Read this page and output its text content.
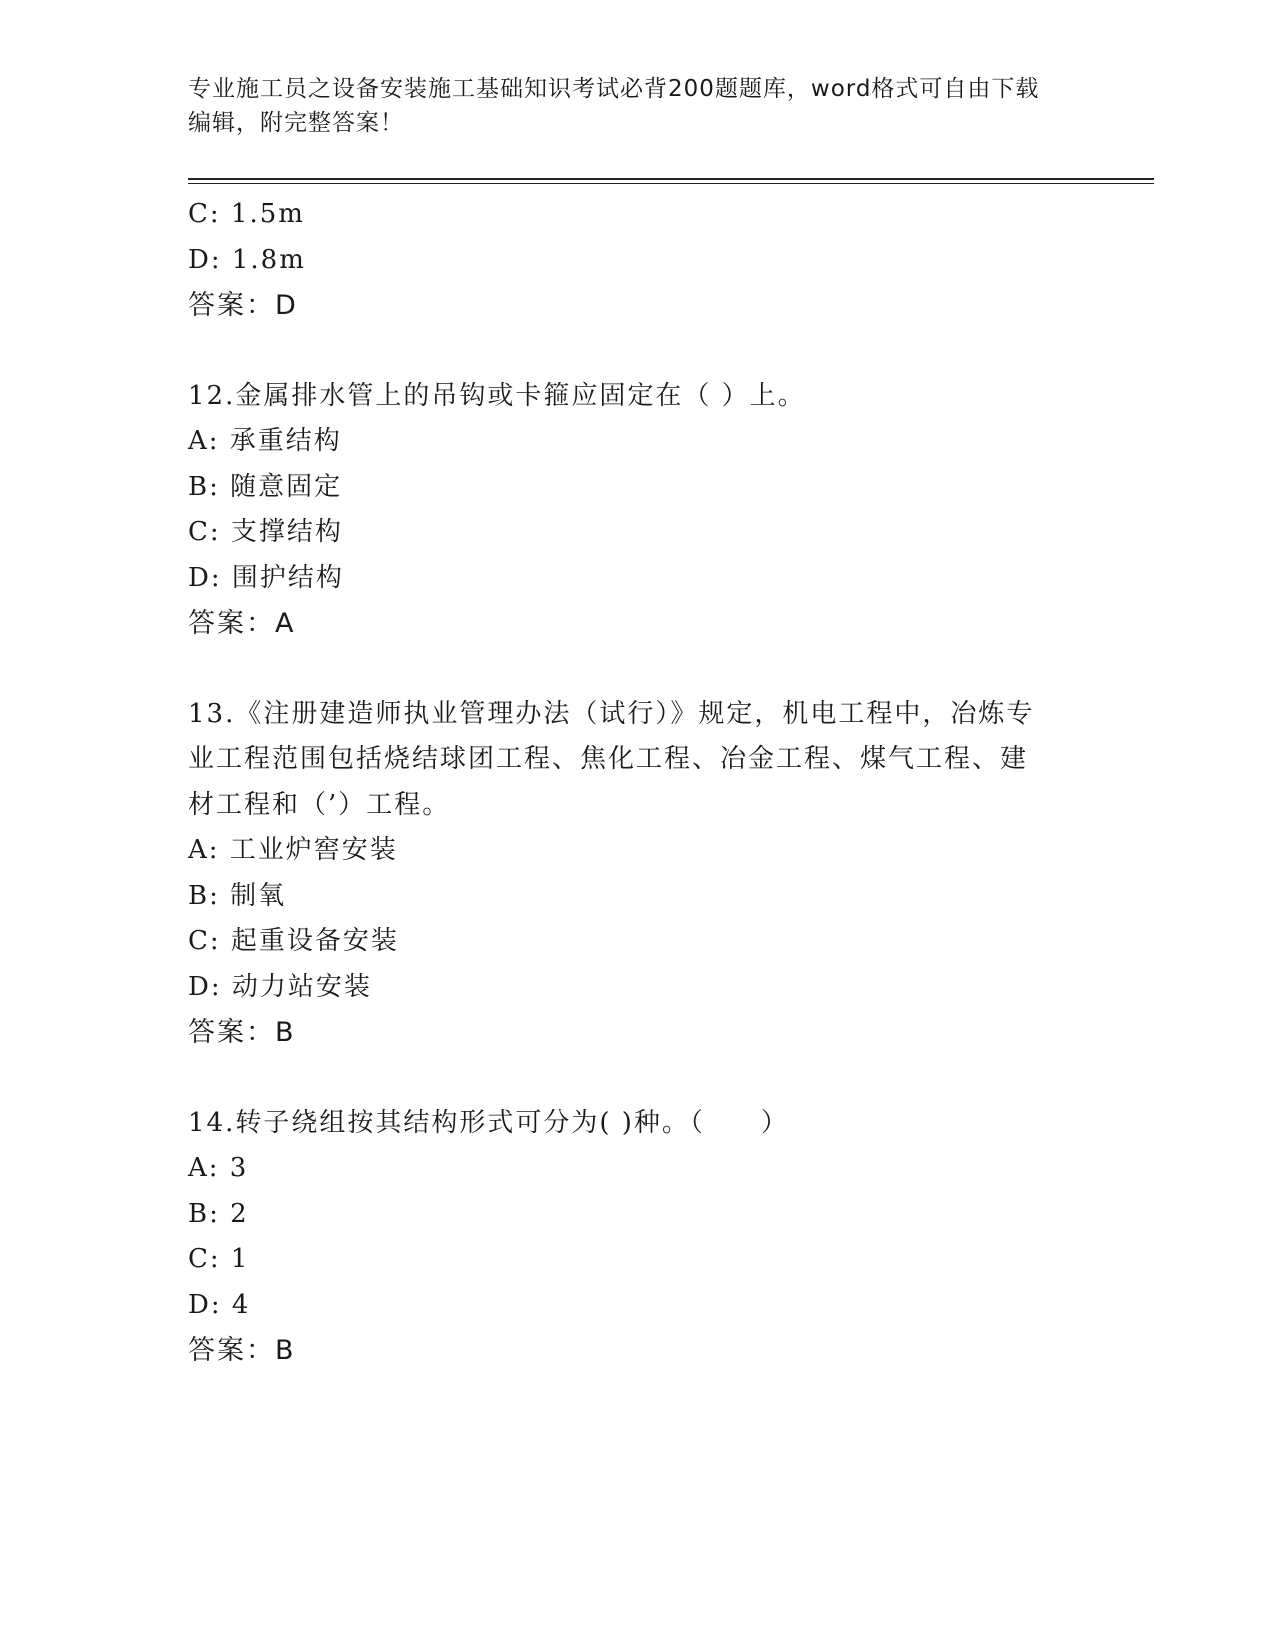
专业施工员之设备安装施工基础知识考试必背200题题库，word格式可自由下载
编辑，附完整答案！
C: 1.5m
D: 1.8m
答案：D
12.金属排水管上的吊钩或卡箍应固定在（ ）上。
A: 承重结构
B: 随意固定
C: 支撑结构
D: 围护结构
答案：A
13.《注册建造师执业管理办法（试行）》规定，机电工程中，冶炼专
业工程范围包括烧结球团工程、焦化工程、冶金工程、煤气工程、建
材工程和（’）工程。
A: 工业炉窖安装
B: 制氧
C: 起重设备安装
D: 动力站安装
答案：B
14.转子绕组按其结构形式可分为( )种。（　　）
A: 3
B: 2
C: 1
D: 4
答案：B
